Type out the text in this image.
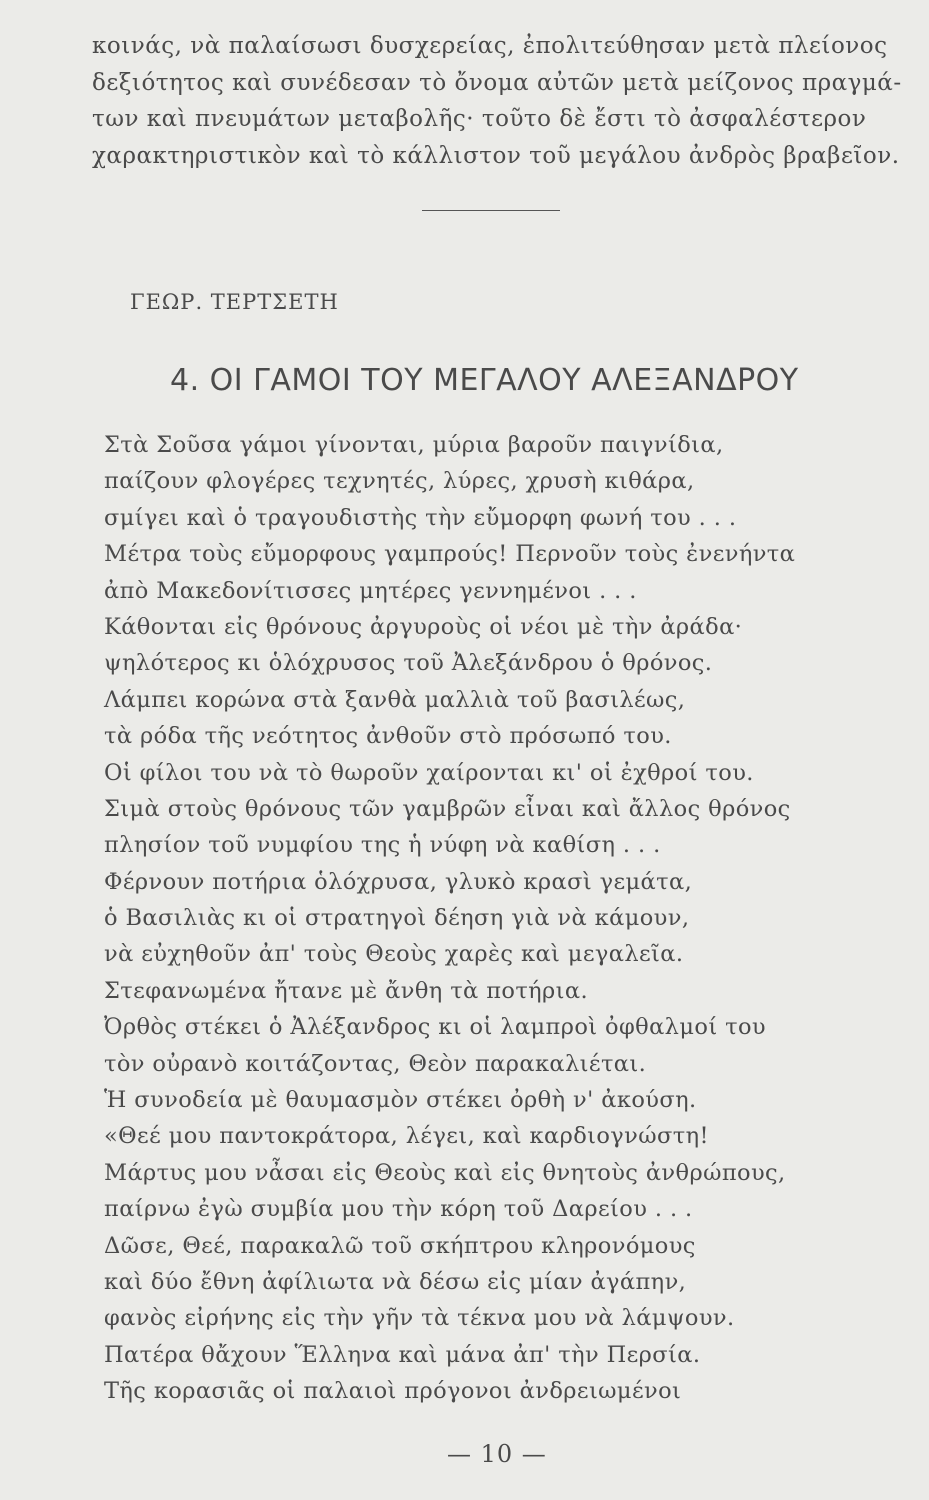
κοινάς, νὰ παλαίσωσι δυσχερείας, ἐπολιτεύθησαν μετὰ πλείονος
δεξιότητος καὶ συνέδεσαν τὸ ὄνομα αὐτῶν μετὰ μείζονος πραγμά-
των καὶ πνευμάτων μεταβολῆς· τοῦτο δὲ ἔστι τὸ ἀσφαλέστερον
χαρακτηριστικὸν καὶ τὸ κάλλιστον τοῦ μεγάλου ἀνδρὸς βραβεῖον.
ΓΕΩΡ. ΤΕΡΤΣΕΤΗ
4. ΟΙ ΓΑΜΟΙ ΤΟΥ ΜΕΓΑΛΟΥ ΑΛΕΞΑΝΔΡΟΥ
Στὰ Σοῦσα γάμοι γίνονται, μύρια βαροῦν παιγνίδια,
παίζουν φλογέρες τεχνητές, λύρες, χρυσὴ κιθάρα,
σμίγει καὶ ὁ τραγουδιστὴς τὴν εὔμορφη φωνή του . . .
Μέτρα τοὺς εὔμορφους γαμπρούς! Περνοῦν τοὺς ἐνενήντα
ἀπὸ Μακεδονίτισσες μητέρες γεννημένοι . . .
Κάθονται εἰς θρόνους ἀργυροὺς οἱ νέοι μὲ τὴν ἀράδα·
ψηλότερος κι ὁλόχρυσος τοῦ Ἀλεξάνδρου ὁ θρόνος.
Λάμπει κορώνα στὰ ξανθὰ μαλλιὰ τοῦ βασιλέως,
τὰ ρόδα τῆς νεότητος ἀνθοῦν στὸ πρόσωπό του.
Οἱ φίλοι του νὰ τὸ θωροῦν χαίρονται κι' οἱ ἐχθροί του.
Σιμὰ στοὺς θρόνους τῶν γαμβρῶν εἶναι καὶ ἄλλος θρόνος
πλησίον τοῦ νυμφίου της ἡ νύφη νὰ καθίση . . .
Φέρνουν ποτήρια ὁλόχρυσα, γλυκὸ κρασὶ γεμάτα,
ὁ Βασιλιὰς κι οἱ στρατηγοὶ δέηση γιὰ νὰ κάμουν,
νὰ εὐχηθοῦν ἀπ' τοὺς Θεοὺς χαρὲς καὶ μεγαλεῖα.
Στεφανωμένα ἤτανε μὲ ἄνθη τὰ ποτήρια.
Ὀρθὸς στέκει ὁ Ἀλέξανδρος κι οἱ λαμπροὶ ὀφθαλμοί του
τὸν οὐρανὸ κοιτάζοντας, Θεὸν παρακαλιέται.
Ἡ συνοδεία μὲ θαυμασμὸν στέκει ὀρθὴ ν' ἀκούση.
«Θεέ μου παντοκράτορα, λέγει, καὶ καρδιογνώστη!
Μάρτυς μου νἆσαι εἰς Θεοὺς καὶ εἰς θνητοὺς ἀνθρώπους,
παίρνω ἐγὼ συμβία μου τὴν κόρη τοῦ Δαρείου . . .
Δῶσε, Θεέ, παρακαλῶ τοῦ σκήπτρου κληρονόμους
καὶ δύο ἔθνη ἀφίλιωτα νὰ δέσω εἰς μίαν ἀγάπην,
φανὸς εἰρήνης εἰς τὴν γῆν τὰ τέκνα μου νὰ λάμψουν.
Πατέρα θἄχουν Ἕλληνα καὶ μάνα ἀπ' τὴν Περσία.
Τῆς κορασιᾶς οἱ παλαιοὶ πρόγονοι ἀνδρειωμένοι
— 10 —
